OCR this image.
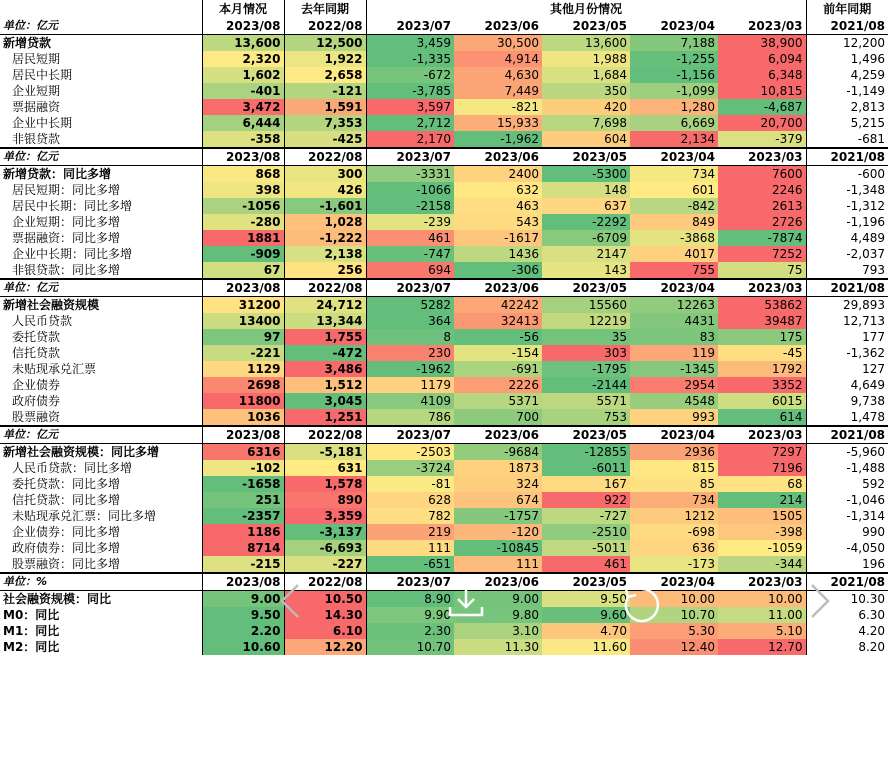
	本月情况	去年同期	其他月份情况					前年同期
单位：亿元	2023/08	2022/08	2023/07	2023/06	2023/05	2023/04	2023/03	2021/08
新增贷款	13,600	12,500	3,459	30,500	13,600	7,188	38,900	12,200
居民短期	2,320	1,922	-1,335	4,914	1,988	-1,255	6,094	1,496
居民中长期	1,602	2,658	-672	4,630	1,684	-1,156	6,348	4,259
企业短期	-401	-121	-3,785	7,449	350	-1,099	10,815	-1,149
票据融资	3,472	1,591	3,597	-821	420	1,280	-4,687	2,813
企业中长期	6,444	7,353	2,712	15,933	7,698	6,669	20,700	5,215
非银贷款	-358	-425	2,170	-1,962	604	2,134	-379	-681
单位：亿元	2023/08	2022/08	2023/07	2023/06	2023/05	2023/04	2023/03	2021/08
新增贷款：同比多增	868	300	-3331	2400	-5300	734	7600	-600
居民短期：同比多增	398	426	-1066	632	148	601	2246	-1,348
居民中长期：同比多增	-1056	-1,601	-2158	463	637	-842	2613	-1,312
企业短期：同比多增	-280	1,028	-239	543	-2292	849	2726	-1,196
票据融资：同比多增	1881	-1,222	461	-1617	-6709	-3868	-7874	4,489
企业中长期：同比多增	-909	2,138	-747	1436	2147	4017	7252	-2,037
非银贷款：同比多增	67	256	694	-306	143	755	75	793
单位：亿元	2023/08	2022/08	2023/07	2023/06	2023/05	2023/04	2023/03	2021/08
新增社会融资规模	31200	24,712	5282	42242	15560	12263	53862	29,893
人民币贷款	13400	13,344	364	32413	12219	4431	39487	12,713
委托贷款	97	1,755	8	-56	35	83	175	177
信托贷款	-221	-472	230	-154	303	119	-45	-1,362
未贴现承兑汇票	1129	3,486	-1962	-691	-1795	-1345	1792	127
企业债券	2698	1,512	1179	2226	-2144	2954	3352	4,649
政府债券	11800	3,045	4109	5371	5571	4548	6015	9,738
股票融资	1036	1,251	786	700	753	993	614	1,478
单位：亿元	2023/08	2022/08	2023/07	2023/06	2023/05	2023/04	2023/03	2021/08
新增社会融资规模：同比多增	6316	-5,181	-2503	-9684	-12855	2936	7297	-5,960
人民币贷款：同比多增	-102	631	-3724	1873	-6011	815	7196	-1,488
委托贷款：同比多增	-1658	1,578	-81	324	167	85	68	592
信托贷款：同比多增	251	890	628	674	922	734	214	-1,046
未贴现承兑汇票：同比多增	-2357	3,359	782	-1757	-727	1212	1505	-1,314
企业债券：同比多增	1186	-3,137	219	-120	-2510	-698	-398	990
政府债券：同比多增	8714	-6,693	111	-10845	-5011	636	-1059	-4,050
股票融资：同比多增	-215	-227	-651	111	461	-173	-344	196
单位：%	2023/08	2022/08	2023/07	2023/06	2023/05	2023/04	2023/03	2021/08
社会融资规模：同比	9.00	10.50	8.90	9.00	9.50	10.00	10.00	10.30
M0：同比	9.50	14.30	9.90	9.80	9.60	10.70	11.00	6.30
M1：同比	2.20	6.10	2.30	3.10	4.70	5.30	5.10	4.20
M2：同比	10.60	12.20	10.70	11.30	11.60	12.40	12.70	8.20
